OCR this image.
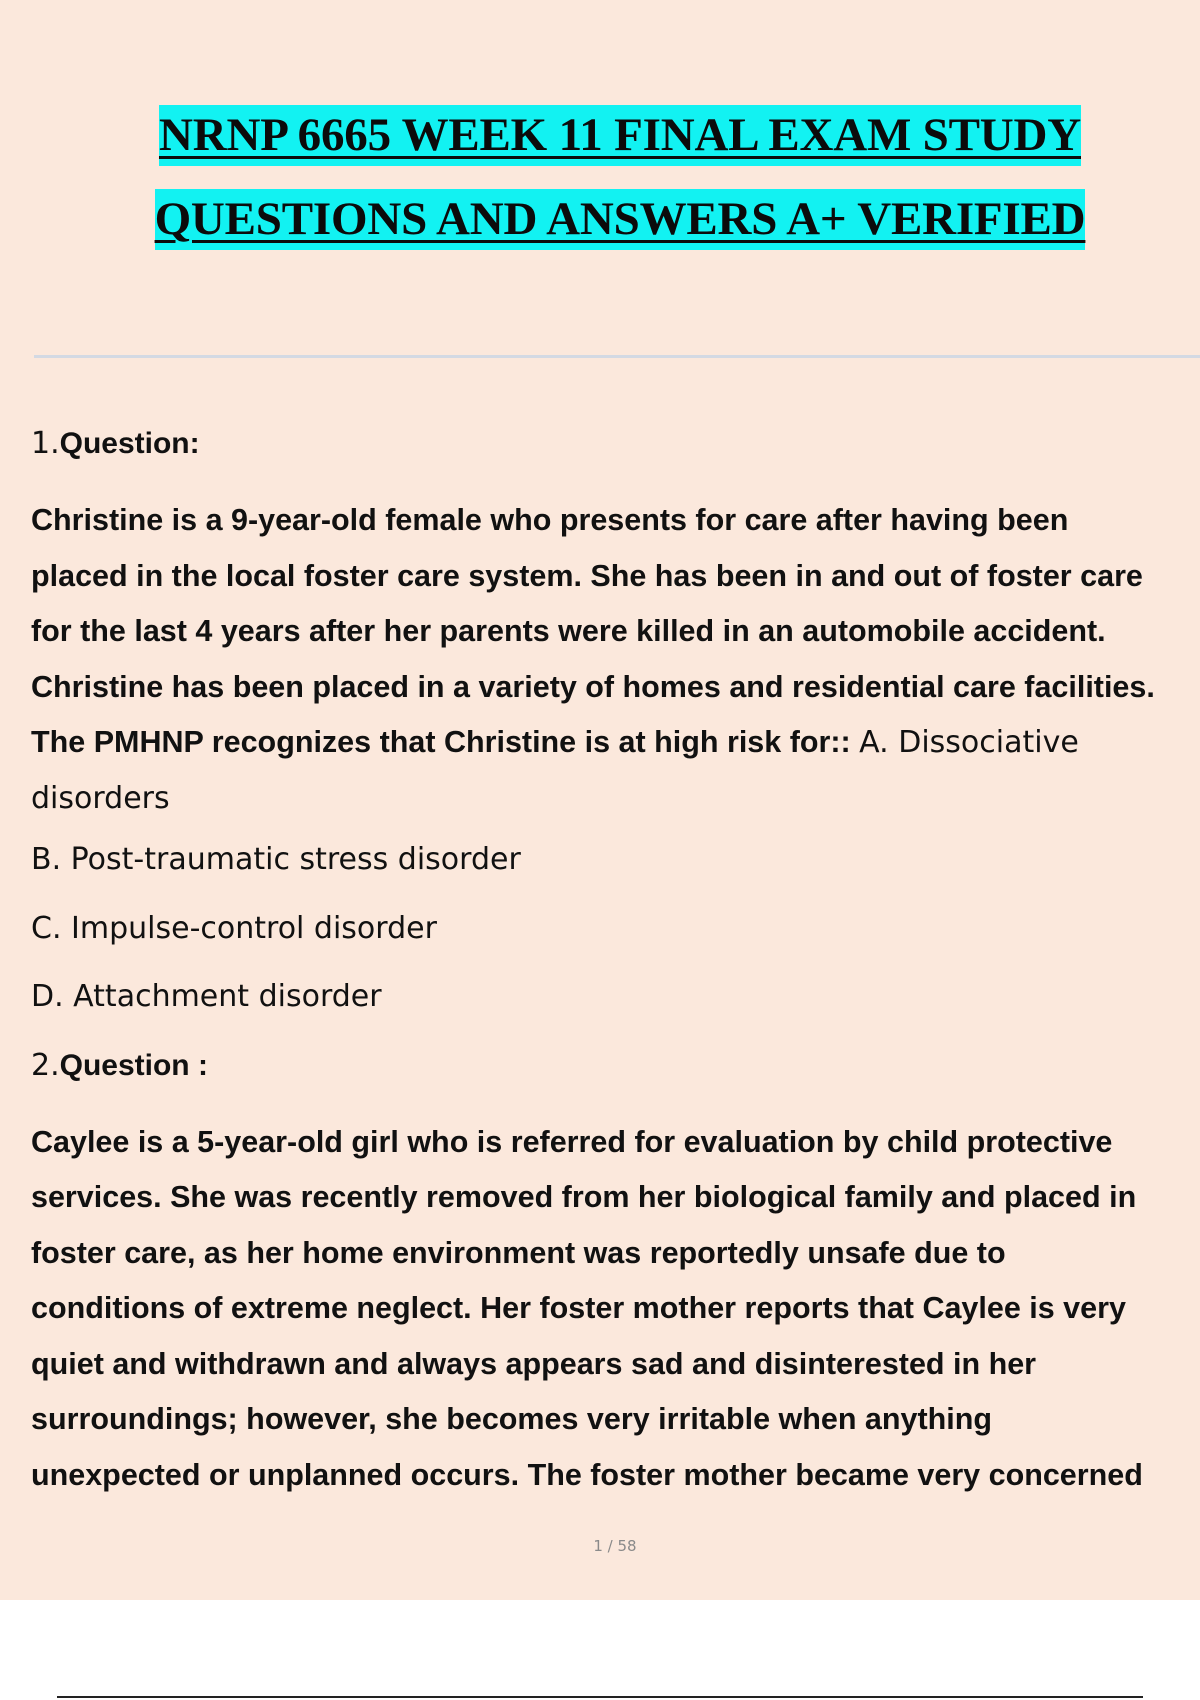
NRNP 6665 WEEK 11 FINAL EXAM STUDY
QUESTIONS AND ANSWERS A+ VERIFIED
1.Question:
Christine is a 9-year-old female who presents for care after having been
placed in the local foster care system. She has been in and out of foster care
for the last 4 years after her parents were killed in an automobile accident.
Christine has been placed in a variety of homes and residential care facilities.
The PMHNP recognizes that Christine is at high risk for:: A. Dissociative
disorders
B. Post-traumatic stress disorder
C. Impulse-control disorder
D. Attachment disorder
2.Question :
Caylee is a 5-year-old girl who is referred for evaluation by child protective
services. She was recently removed from her biological family and placed in
foster care, as her home environment was reportedly unsafe due to
conditions of extreme neglect. Her foster mother reports that Caylee is very
quiet and withdrawn and always appears sad and disinterested in her
surroundings; however, she becomes very irritable when anything
unexpected or unplanned occurs. The foster mother became very concerned
1 / 58
